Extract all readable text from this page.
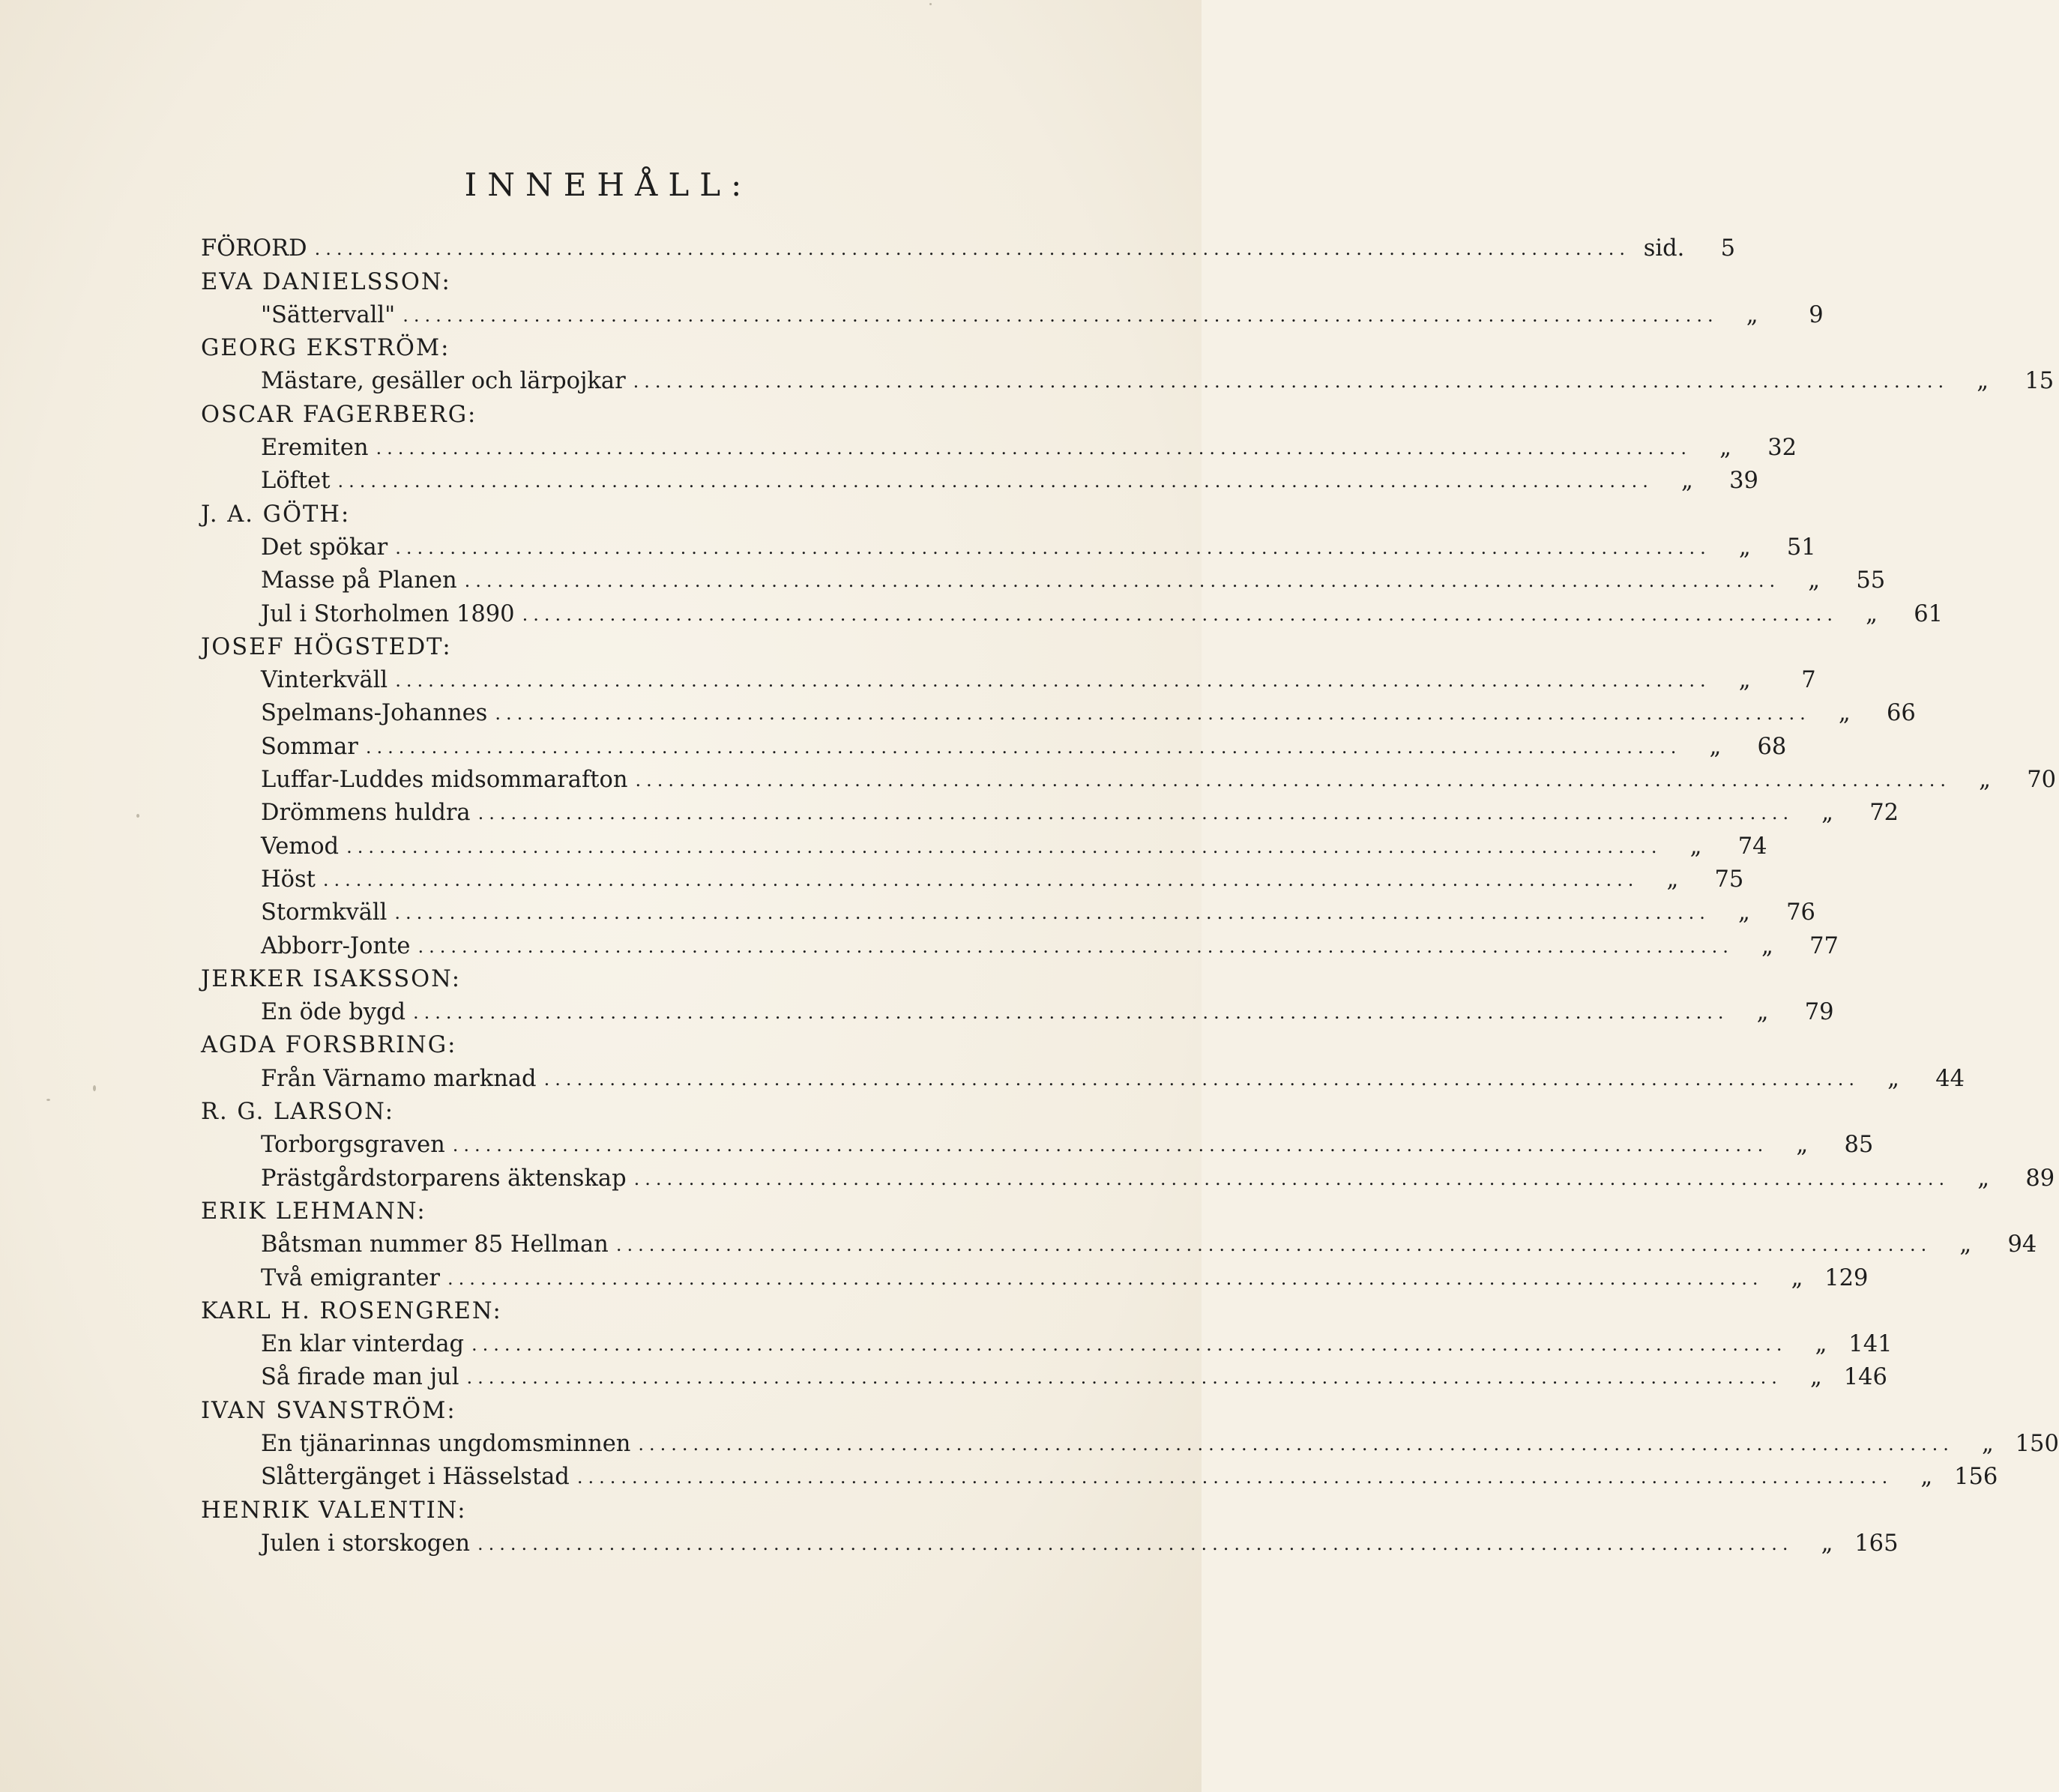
INNEHÅLL:
FÖRORD ........................................................................................................................ sid.	5
EVA DANIELSSON:
"Sättervall" ........................................................................................................................	„	9
GEORG EKSTRÖM:
Mästare, gesäller och lärpojkar ........................................................................................................................	„	15
OSCAR FAGERBERG:
Eremiten ........................................................................................................................	„	32
Löftet ........................................................................................................................	„	39
J. A. GÖTH:
Det spökar ........................................................................................................................	„	51
Masse på Planen ........................................................................................................................	„	55
Jul i Storholmen 1890 ........................................................................................................................	„	61
JOSEF HÖGSTEDT:
Vinterkväll ........................................................................................................................	„	7
Spelmans-Johannes ........................................................................................................................	„	66
Sommar ........................................................................................................................	„	68
Luffar-Luddes midsommarafton ........................................................................................................................	„	70
Drömmens huldra ........................................................................................................................	„	72
Vemod ........................................................................................................................	„	74
Höst ........................................................................................................................	„	75
Stormkväll ........................................................................................................................	„	76
Abborr-Jonte ........................................................................................................................	„	77
JERKER ISAKSSON:
En öde bygd ........................................................................................................................	„	79
AGDA FORSBRING:
Från Värnamo marknad ........................................................................................................................	„	44
R. G. LARSON:
Torborgsgraven ........................................................................................................................	„	85
Prästgårdstorparens äktenskap ........................................................................................................................	„	89
ERIK LEHMANN:
Båtsman nummer 85 Hellman ........................................................................................................................	„	94
Två emigranter ........................................................................................................................	„ 129
KARL H. ROSENGREN:
En klar vinterdag ........................................................................................................................	„ 141
Så firade man jul ........................................................................................................................	„ 146
IVAN SVANSTRÖM:
En tjänarinnas ungdomsminnen ........................................................................................................................	„ 150
Slåttergänget i Hässelstad ........................................................................................................................	„ 156
HENRIK VALENTIN:
Julen i storskogen ........................................................................................................................	„ 165
